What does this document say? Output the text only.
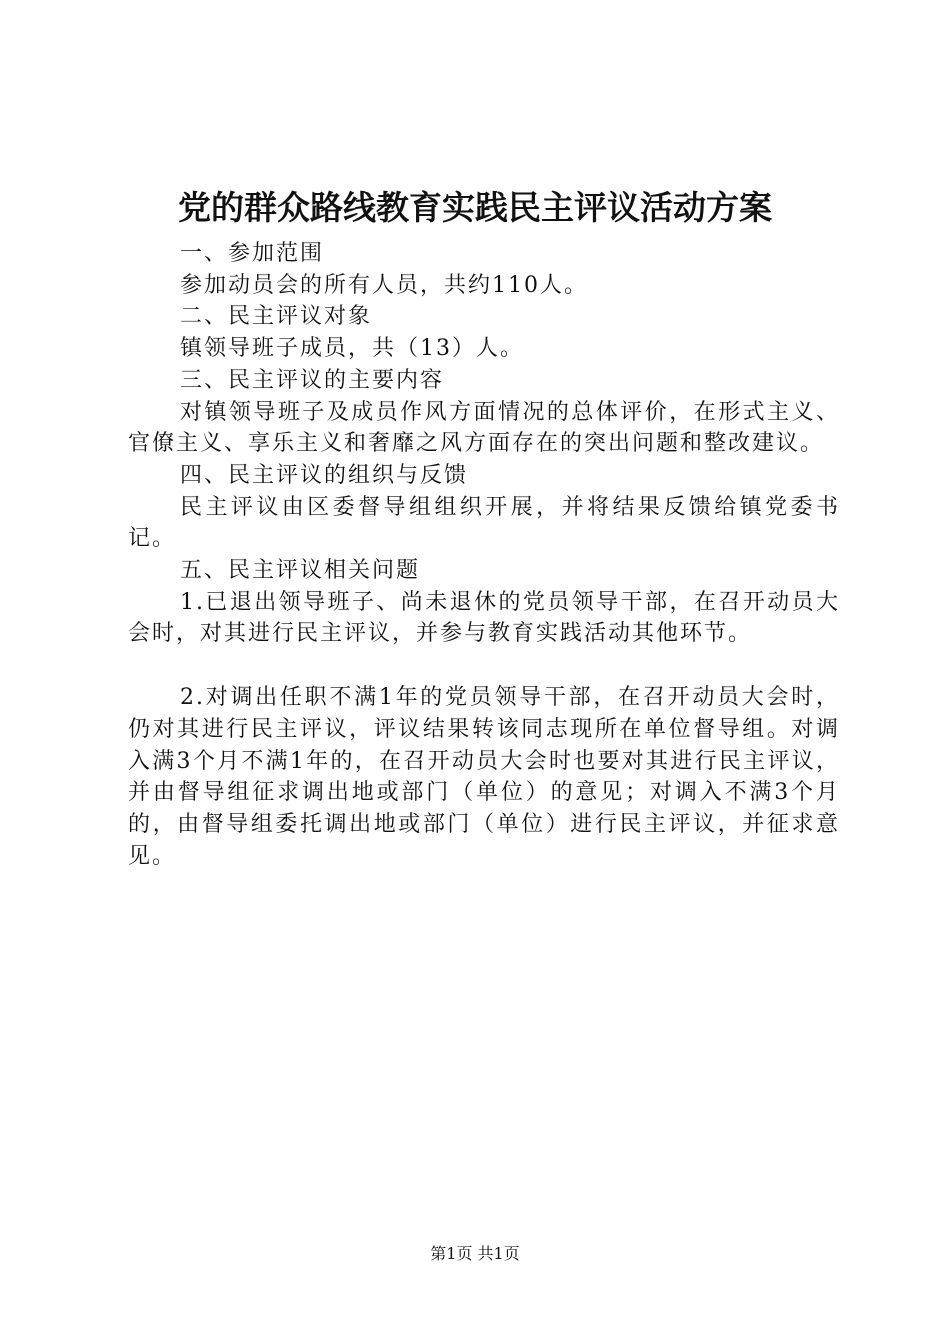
党的群众路线教育实践民主评议活动方案

一、参加范围

参加动员会的所有人员，共约110人。

二、民主评议对象

镇领导班子成员，共（13）人。

三、民主评议的主要内容

对镇领导班子及成员作风方面情况的总体评价，在形式主义、官僚主义、享乐主义和奢靡之风方面存在的突出问题和整改建议。

四、民主评议的组织与反馈

民主评议由区委督导组组织开展，并将结果反馈给镇党委书记。

五、民主评议相关问题

1.已退出领导班子、尚未退休的党员领导干部，在召开动员大会时，对其进行民主评议，并参与教育实践活动其他环节。

2.对调出任职不满1年的党员领导干部，在召开动员大会时，仍对其进行民主评议，评议结果转该同志现所在单位督导组。对调入满3个月不满1年的，在召开动员大会时也要对其进行民主评议，并由督导组征求调出地或部门（单位）的意见；对调入不满3个月的，由督导组委托调出地或部门（单位）进行民主评议，并征求意见。

第1页 共1页
